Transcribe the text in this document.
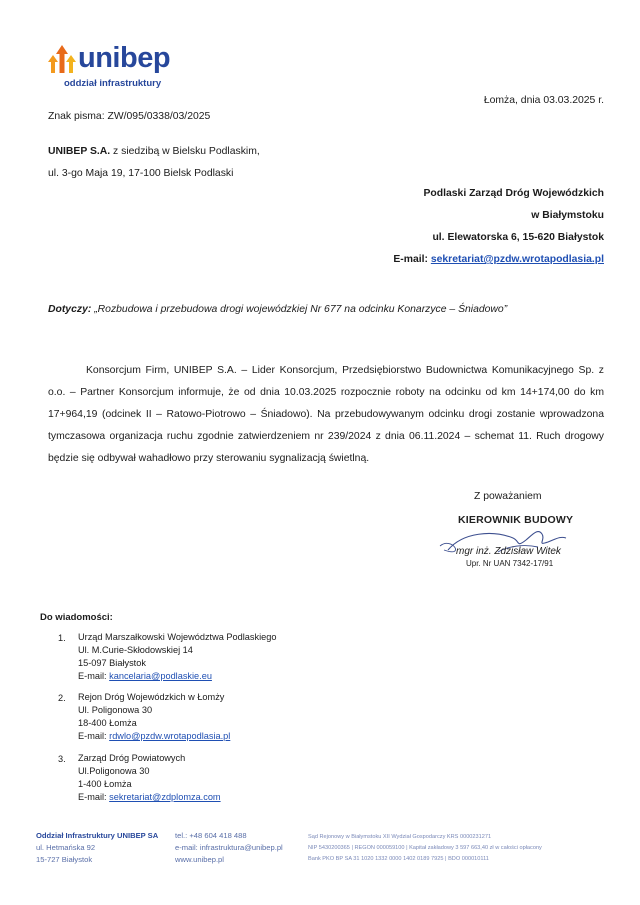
unibep
oddział infrastruktury
Łomża, dnia 03.03.2025 r.
Znak pisma: ZW/095/0338/03/2025
UNIBEP S.A. z siedzibą w Bielsku Podlaskim,
ul. 3-go Maja 19, 17-100 Bielsk Podlaski
Podlaski Zarząd Dróg Wojewódzkich
w Białymstoku
ul. Elewatorska 6, 15-620 Białystok
E-mail: sekretariat@pzdw.wrotapodlasia.pl
Dotyczy: „Rozbudowa i przebudowa drogi wojewódzkiej Nr 677 na odcinku Konarzyce – Śniadowo”

Konsorcjum Firm, UNIBEP S.A. – Lider Konsorcjum, Przedsiębiorstwo Budownictwa Komunikacyjnego Sp. z o.o. – Partner Konsorcjum informuje, że od dnia 10.03.2025 rozpocznie roboty na odcinku od km 14+174,00 do km 17+964,19 (odcinek II – Ratowo-Piotrowo – Śniadowo). Na przebudowywanym odcinku drogi zostanie wprowadzona tymczasowa organizacja ruchu zgodnie zatwierdzeniem nr 239/2024 z dnia 06.11.2024 – schemat 11. Ruch drogowy będzie się odbywał wahadłowo przy sterowaniu sygnalizacją świetlną.

Z poważaniem
KIEROWNIK BUDOWY
mgr inż. Zdzisław Witek
Upr. Nr UAN 7342-17/91
Do wiadomości:
1. Urząd Marszałkowski Województwa Podlaskiego
Ul. M.Curie-Skłodowskiej 14
15-097 Białystok
E-mail: kancelaria@podlaskie.eu
2. Rejon Dróg Wojewódzkich w Łomży
Ul. Poligonowa 30
18-400 Łomża
E-mail: rdwlo@pzdw.wrotapodlasia.pl
3. Zarząd Dróg Powiatowych
Ul.Poligonowa 30
1-400 Łomża
E-mail: sekretariat@zdplomza.com
Oddział Infrastruktury UNIBEP SA
ul. Hetmańska 92
15-727 Białystok
tel.: +48 604 418 488
e-mail: infrastruktura@unibep.pl
www.unibep.pl
Sąd Rejonowy w Białymstoku XII Wydział Gospodarczy KRS 0000231271
NIP 5430200365 | REGON 000059100 | Kapitał zakładowy 3 597 663,40 zł w całości opłacony
Bank PKO BP SA 31 1020 1332 0000 1402 0189 7925 | BDO 000010111
